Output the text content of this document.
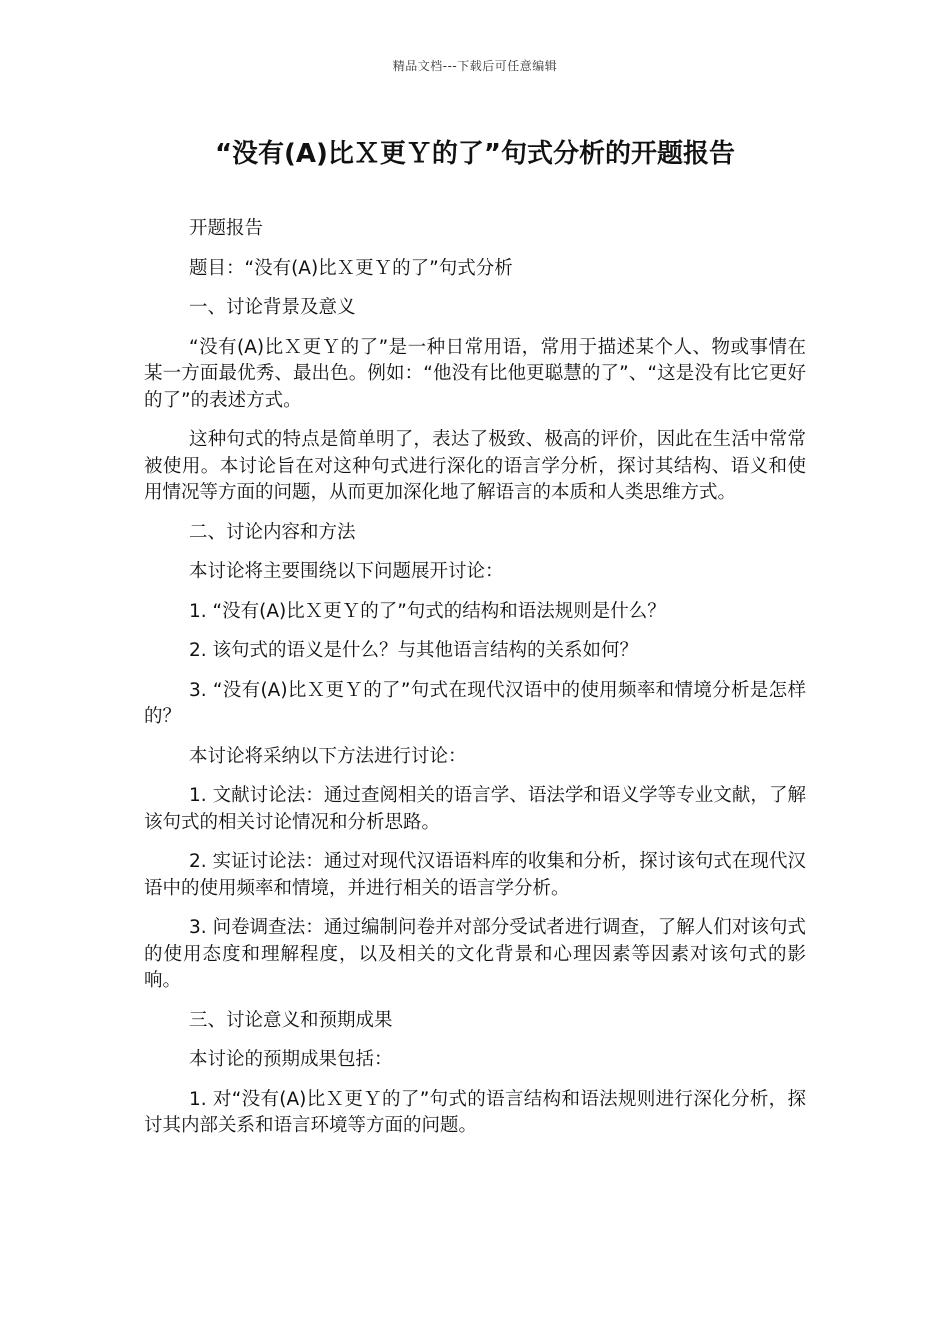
精品文档---下载后可任意编辑
“没有(A)比Ｘ更Ｙ的了”句式分析的开题报告

开题报告

题目：“没有(A)比Ｘ更Ｙ的了”句式分析

一、讨论背景及意义

“没有(A)比Ｘ更Ｙ的了”是一种日常用语，常用于描述某个人、物或事情在某一方面最优秀、最出色。例如：“他没有比他更聪慧的了”、“这是没有比它更好的了”的表述方式。

这种句式的特点是简单明了，表达了极致、极高的评价，因此在生活中常常被使用。本讨论旨在对这种句式进行深化的语言学分析，探讨其结构、语义和使用情况等方面的问题，从而更加深化地了解语言的本质和人类思维方式。

二、讨论内容和方法

本讨论将主要围绕以下问题展开讨论：

1. “没有(A)比Ｘ更Ｙ的了”句式的结构和语法规则是什么？

2. 该句式的语义是什么？与其他语言结构的关系如何？

3. “没有(A)比Ｘ更Ｙ的了”句式在现代汉语中的使用频率和情境分析是怎样的？

本讨论将采纳以下方法进行讨论：

1. 文献讨论法：通过查阅相关的语言学、语法学和语义学等专业文献，了解该句式的相关讨论情况和分析思路。

2. 实证讨论法：通过对现代汉语语料库的收集和分析，探讨该句式在现代汉语中的使用频率和情境，并进行相关的语言学分析。

3. 问卷调查法：通过编制问卷并对部分受试者进行调查，了解人们对该句式的使用态度和理解程度，以及相关的文化背景和心理因素等因素对该句式的影响。

三、讨论意义和预期成果

本讨论的预期成果包括：

1. 对“没有(A)比Ｘ更Ｙ的了”句式的语言结构和语法规则进行深化分析，探讨其内部关系和语言环境等方面的问题。
